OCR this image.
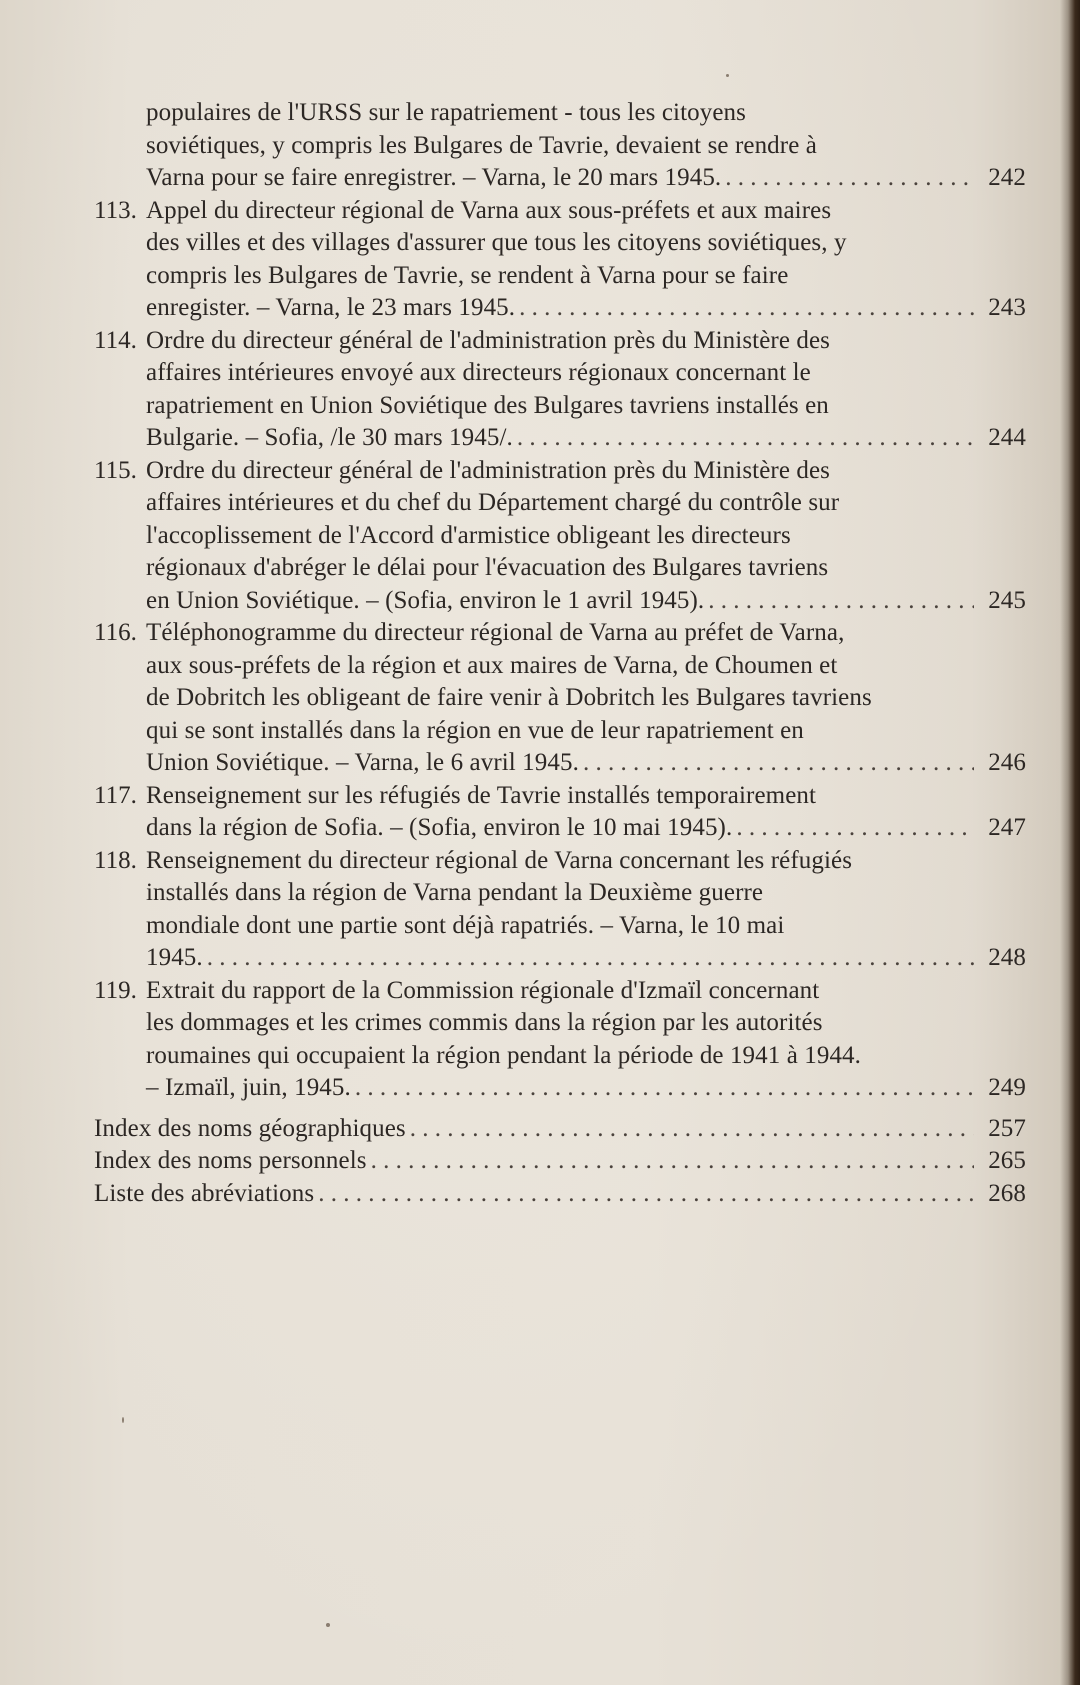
populaires de l'URSS sur le rapatriement - tous les citoyens
soviétiques, y compris les Bulgares de Tavrie, devaient se rendre à
Varna pour se faire enregistrer. – Varna, le 20 mars 1945. . . .	242
113. Appel du directeur régional de Varna aux sous-préfets et aux maires
des villes et des villages d'assurer que tous les citoyens soviétiques, y
compris les Bulgares de Tavrie, se rendent à Varna pour se faire
enregister. – Varna, le 23 mars 1945. . . .	243
114. Ordre du directeur général de l'administration près du Ministère des
affaires intérieures envoyé aux directeurs régionaux concernant le
rapatriement en Union Soviétique des Bulgares tavriens installés en
Bulgarie. – Sofia, /le 30 mars 1945/. . . .	244
115. Ordre du directeur général de l'administration près du Ministère des
affaires intérieures et du chef du Département chargé du contrôle sur
l'accoplissement de l'Accord d'armistice obligeant les directeurs
régionaux d'abréger le délai pour l'évacuation des Bulgares tavriens
en Union Soviétique. – (Sofia, environ le 1 avril 1945). . . .	245
116. Téléphonogramme du directeur régional de Varna au préfet de Varna,
aux sous-préfets de la région et aux maires de Varna, de Choumen et
de Dobritch les obligeant de faire venir à Dobritch les Bulgares tavriens
qui se sont installés dans la région en vue de leur rapatriement en
Union Soviétique. – Varna, le 6 avril 1945. . . .	246
117. Renseignement sur les réfugiés de Tavrie installés temporairement
dans la région de Sofia. – (Sofia, environ le 10 mai 1945). . . .	247
118. Renseignement du directeur régional de Varna concernant les réfugiés
installés dans la région de Varna pendant la Deuxième guerre
mondiale dont une partie sont déjà rapatriés. – Varna, le 10 mai
1945. . . .	248
119. Extrait du rapport de la Commission régionale d'Izmaïl concernant
les dommages et les crimes commis dans la région par les autorités
roumaines qui occupaient la région pendant la période de 1941 à 1944.
– Izmaïl, juin, 1945. . . .	249
Index des noms géographiques . . .	257
Index des noms personnels . . .	265
Liste des abréviations . . .	268
